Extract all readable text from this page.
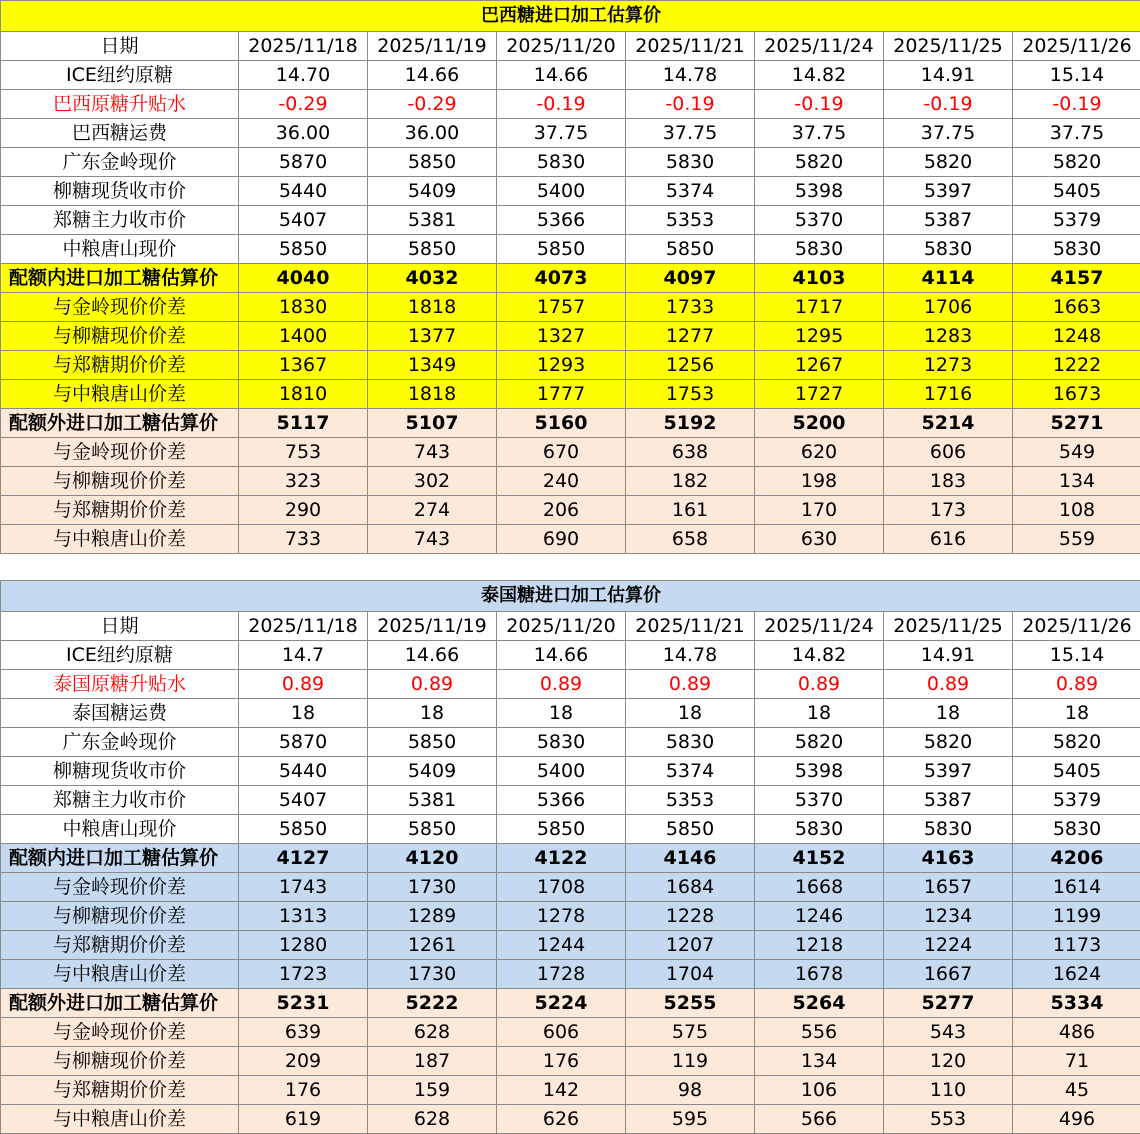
巴西糖进口加工估算价							
日期	2025/11/18	2025/11/19	2025/11/20	2025/11/21	2025/11/24	2025/11/25	2025/11/26
ICE纽约原糖	14.70	14.66	14.66	14.78	14.82	14.91	15.14
巴西原糖升贴水	-0.29	-0.29	-0.19	-0.19	-0.19	-0.19	-0.19
巴西糖运费	36.00	36.00	37.75	37.75	37.75	37.75	37.75
广东金岭现价	5870	5850	5830	5830	5820	5820	5820
柳糖现货收市价	5440	5409	5400	5374	5398	5397	5405
郑糖主力收市价	5407	5381	5366	5353	5370	5387	5379
中粮唐山现价	5850	5850	5850	5850	5830	5830	5830
配额内进口加工糖估算价	4040	4032	4073	4097	4103	4114	4157
与金岭现价价差	1830	1818	1757	1733	1717	1706	1663
与柳糖现价价差	1400	1377	1327	1277	1295	1283	1248
与郑糖期价价差	1367	1349	1293	1256	1267	1273	1222
与中粮唐山价差	1810	1818	1777	1753	1727	1716	1673
配额外进口加工糖估算价	5117	5107	5160	5192	5200	5214	5271
与金岭现价价差	753	743	670	638	620	606	549
与柳糖现价价差	323	302	240	182	198	183	134
与郑糖期价价差	290	274	206	161	170	173	108
与中粮唐山价差	733	743	690	658	630	616	559
泰国糖进口加工估算价							
日期	2025/11/18	2025/11/19	2025/11/20	2025/11/21	2025/11/24	2025/11/25	2025/11/26
ICE纽约原糖	14.7	14.66	14.66	14.78	14.82	14.91	15.14
泰国原糖升贴水	0.89	0.89	0.89	0.89	0.89	0.89	0.89
泰国糖运费	18	18	18	18	18	18	18
广东金岭现价	5870	5850	5830	5830	5820	5820	5820
柳糖现货收市价	5440	5409	5400	5374	5398	5397	5405
郑糖主力收市价	5407	5381	5366	5353	5370	5387	5379
中粮唐山现价	5850	5850	5850	5850	5830	5830	5830
配额内进口加工糖估算价	4127	4120	4122	4146	4152	4163	4206
与金岭现价价差	1743	1730	1708	1684	1668	1657	1614
与柳糖现价价差	1313	1289	1278	1228	1246	1234	1199
与郑糖期价价差	1280	1261	1244	1207	1218	1224	1173
与中粮唐山价差	1723	1730	1728	1704	1678	1667	1624
配额外进口加工糖估算价	5231	5222	5224	5255	5264	5277	5334
与金岭现价价差	639	628	606	575	556	543	486
与柳糖现价价差	209	187	176	119	134	120	71
与郑糖期价价差	176	159	142	98	106	110	45
与中粮唐山价差	619	628	626	595	566	553	496
